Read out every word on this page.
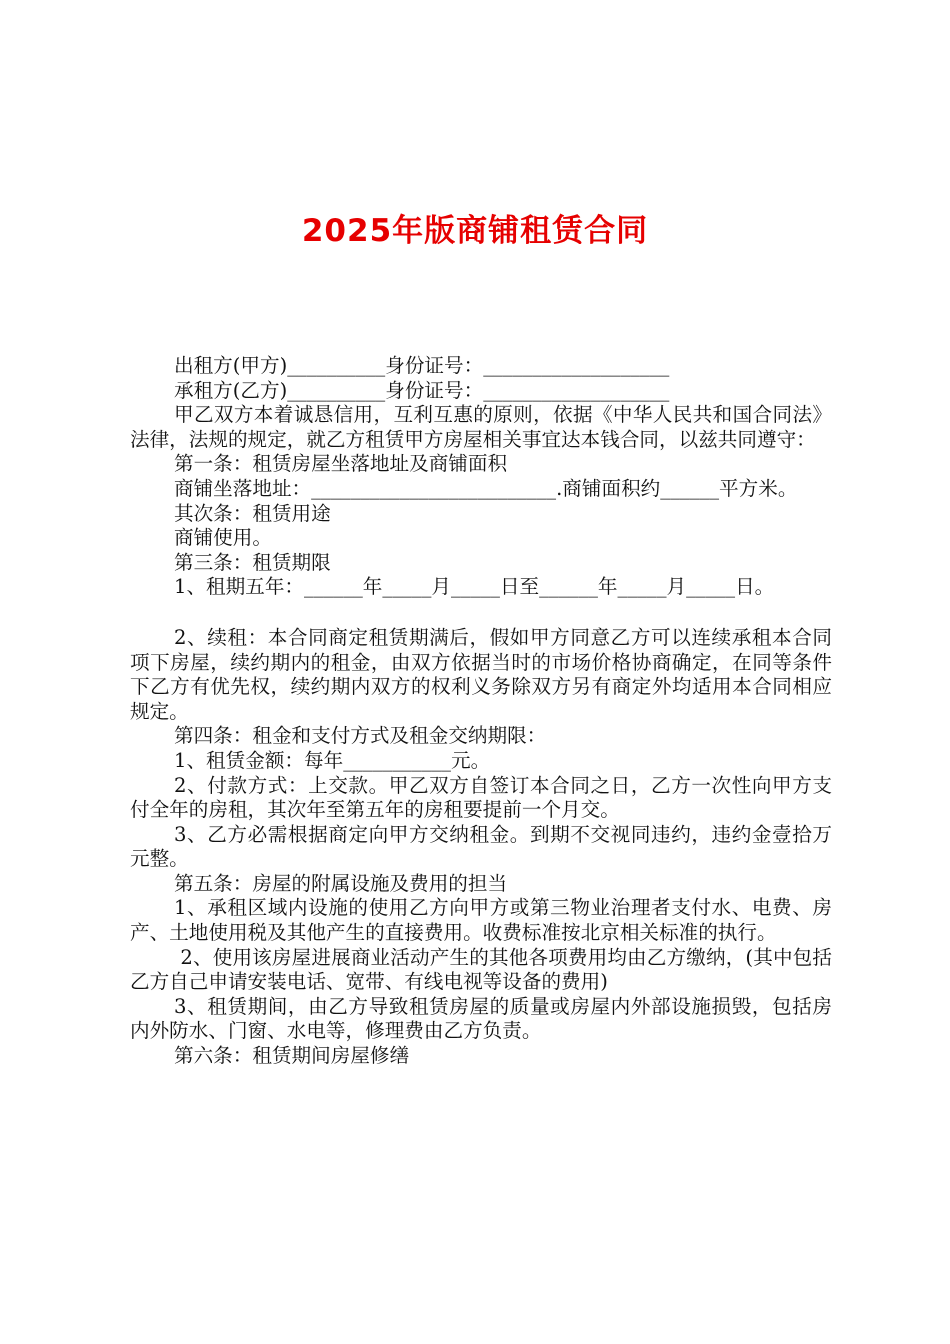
2025年版商铺租赁合同

出租方(甲方)__________身份证号：___________________

承租方(乙方)__________身份证号：___________________

甲乙双方本着诚恳信用，互利互惠的原则，依据《中华人民共和国合同法》法律，法规的规定，就乙方租赁甲方房屋相关事宜达本钱合同，以兹共同遵守：

第一条：租赁房屋坐落地址及商铺面积

商铺坐落地址：_________________________.商铺面积约______平方米。

其次条：租赁用途

商铺使用。

第三条：租赁期限

1、租期五年：______年_____月_____日至______年_____月_____日。

2、续租：本合同商定租赁期满后，假如甲方同意乙方可以连续承租本合同项下房屋，续约期内的租金，由双方依据当时的市场价格协商确定，在同等条件下乙方有优先权，续约期内双方的权利义务除双方另有商定外均适用本合同相应规定。

第四条：租金和支付方式及租金交纳期限：

1、租赁金额：每年___________元。

2、付款方式：上交款。甲乙双方自签订本合同之日，乙方一次性向甲方支付全年的房租，其次年至第五年的房租要提前一个月交。

3、乙方必需根据商定向甲方交纳租金。到期不交视同违约，违约金壹拾万元整。

第五条：房屋的附属设施及费用的担当

1、承租区域内设施的使用乙方向甲方或第三物业治理者支付水、电费、房产、土地使用税及其他产生的直接费用。收费标准按北京相关标准的执行。

2、使用该房屋进展商业活动产生的其他各项费用均由乙方缴纳，(其中包括乙方自己申请安装电话、宽带、有线电视等设备的费用)

3、租赁期间，由乙方导致租赁房屋的质量或房屋内外部设施损毁，包括房内外防水、门窗、水电等，修理费由乙方负责。

第六条：租赁期间房屋修缮
